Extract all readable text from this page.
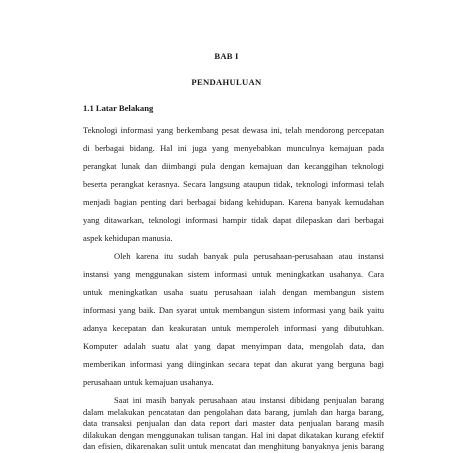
BAB I
PENDAHULUAN
1.1 Latar Belakang
Teknologi informasi yang berkembang pesat dewasa ini, telah mendorong percepatan
di berbagai bidang. Hal ini juga yang menyebabkan munculnya kemajuan pada
perangkat lunak dan diimbangi pula dengan kemajuan dan kecanggihan teknologi
beserta perangkat kerasnya. Secara langsung ataupun tidak, teknologi informasi telah
menjadi bagian penting dari berbagai bidang kehidupan. Karena banyak kemudahan
yang ditawarkan, teknologi informasi hampir tidak dapat dilepaskan dari berbagai
aspek kehidupan manusia.
Oleh karena itu sudah banyak pula perusahaan-perusahaan atau instansi
instansi yang menggunakan sistem informasi untuk meningkatkan usahanya. Cara
untuk meningkatkan usaha suatu perusahaan ialah dengan membangun sistem
informasi yang baik. Dan syarat untuk membangun sistem informasi yang baik yaitu
adanya kecepatan dan keakuratan untuk memperoleh informasi yang dibutuhkan.
Komputer adalah suatu alat yang dapat menyimpan data, mengolah data, dan
memberikan informasi yang diinginkan secara tepat dan akurat yang berguna bagi
perusahaan untuk kemajuan usahanya.
Saat ini masih banyak perusahaan atau instansi dibidang penjualan barang
dalam melakukan pencatatan dan pengolahan data barang, jumlah dan harga barang,
data transaksi penjualan dan data report dari master data penjualan barang masih
dilakukan dengan menggunakan tulisan tangan. Hal ini dapat dikatakan kurang efektif
dan efisien, dikarenakan sulit untuk mencatat dan menghitung banyaknya jenis barang
